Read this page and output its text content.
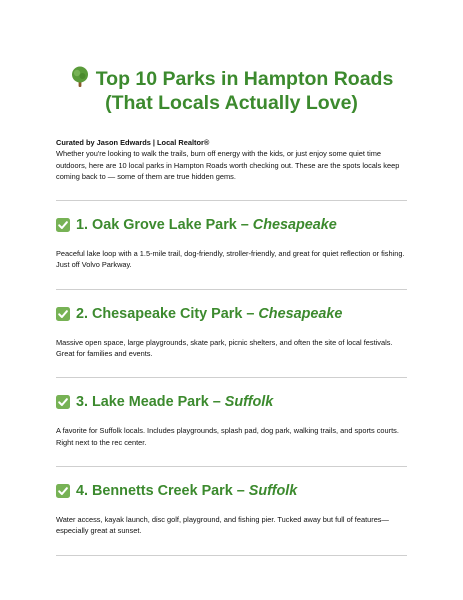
Top 10 Parks in Hampton Roads (That Locals Actually Love)
Curated by Jason Edwards | Local Realtor®
Whether you're looking to walk the trails, burn off energy with the kids, or just enjoy some quiet time outdoors, here are 10 local parks in Hampton Roads worth checking out. These are the spots locals keep coming back to — some of them are true hidden gems.
1. Oak Grove Lake Park –
Chesapeake

Peaceful lake loop with a 1.5-mile trail, dog-friendly, stroller-friendly, and great for quiet reflection or fishing. Just off Volvo Parkway.

2. Chesapeake City Park –
Chesapeake

Massive open space, large playgrounds, skate park, picnic shelters, and often the site of local festivals. Great for families and events.

3. Lake Meade Park –
Suffolk

A favorite for Suffolk locals. Includes playgrounds, splash pad, dog park, walking trails, and sports courts. Right next to the rec center.

4. Bennetts Creek Park –
Suffolk

Water access, kayak launch, disc golf, playground, and fishing pier. Tucked away but full of features—especially great at sunset.
